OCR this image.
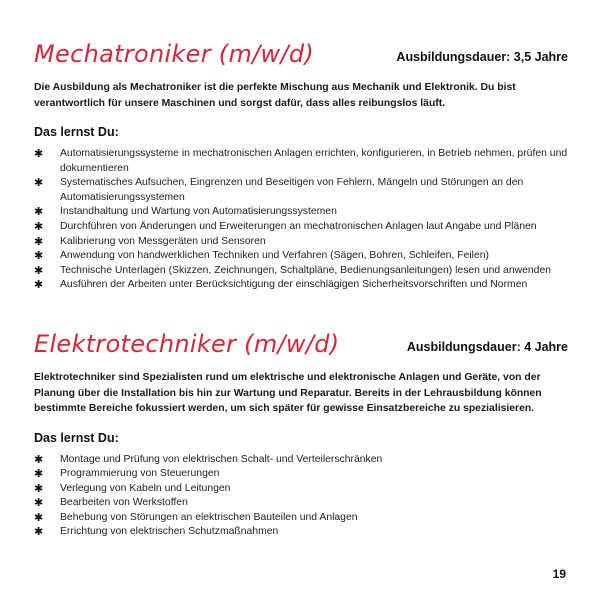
Mechatroniker (m/w/d)	Ausbildungsdauer: 3,5 Jahre

Die Ausbildung als Mechatroniker ist die perfekte Mischung aus Mechanik und Elektronik. Du bist verantwortlich für unsere Maschinen und sorgst dafür, dass alles reibungslos läuft.

Das lernst Du:
✱ Automatisierungssysteme in mechatronischen Anlagen errichten, konfigurieren, in Betrieb nehmen, prüfen und dokumentieren
✱ Systematisches Aufsuchen, Eingrenzen und Beseitigen von Fehlern, Mängeln und Störungen an den Automatisierungssystemen
✱ Instandhaltung und Wartung von Automatisierungssystemen
✱ Durchführen von Änderungen und Erweiterungen an mechatronischen Anlagen laut Angabe und Plänen
✱ Kalibrierung von Messgeräten und Sensoren
✱ Anwendung von handwerklichen Techniken und Verfahren (Sägen, Bohren, Schleifen, Feilen)
✱ Technische Unterlagen (Skizzen, Zeichnungen, Schaltpläne, Bedienungsanleitungen) lesen und anwenden
✱ Ausführen der Arbeiten unter Berücksichtigung der einschlägigen Sicherheitsvorschriften und Normen
Elektrotechniker (m/w/d)	Ausbildungsdauer: 4 Jahre

Elektrotechniker sind Spezialisten rund um elektrische und elektronische Anlagen und Geräte, von der Planung über die Installation bis hin zur Wartung und Reparatur. Bereits in der Lehrausbildung können bestimmte Bereiche fokussiert werden, um sich später für gewisse Einsatzbereiche zu spezialisieren.

Das lernst Du:
✱ Montage und Prüfung von elektrischen Schalt- und Verteilerschränken
✱ Programmierung von Steuerungen
✱ Verlegung von Kabeln und Leitungen
✱ Bearbeiten von Werkstoffen
✱ Behebung von Störungen an elektrischen Bauteilen und Anlagen
✱ Errichtung von elektrischen Schutzmaßnahmen
19
